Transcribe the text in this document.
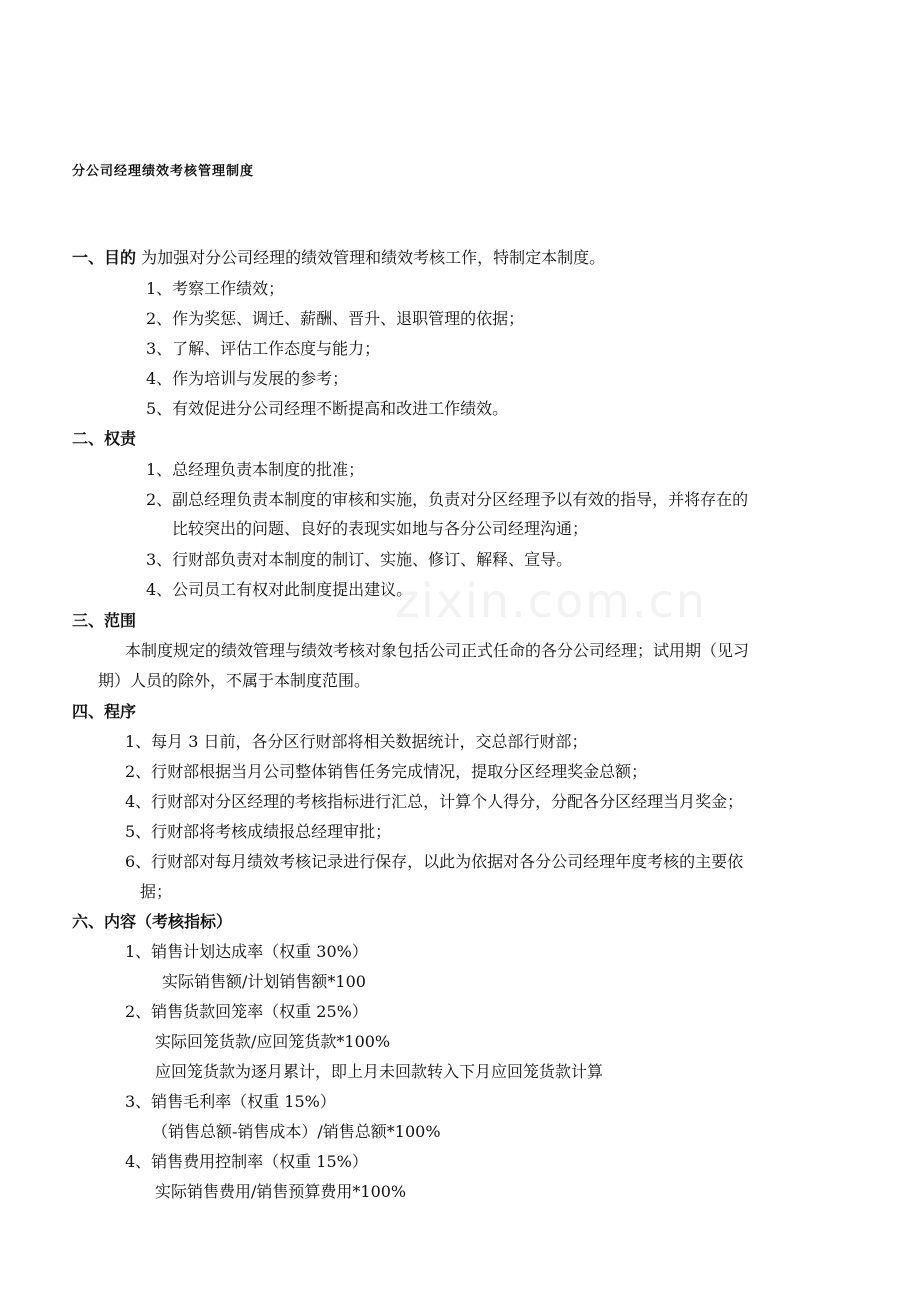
zixin.com.cn
分公司经理绩效考核管理制度
一、目的 为加强对分公司经理的绩效管理和绩效考核工作，特制定本制度。
1、考察工作绩效；
2、作为奖惩、调迁、薪酬、晋升、退职管理的依据；
3、了解、评估工作态度与能力；
4、作为培训与发展的参考；
5、有效促进分公司经理不断提高和改进工作绩效。
二、权责
1、总经理负责本制度的批准；
2、副总经理负责本制度的审核和实施，负责对分区经理予以有效的指导，并将存在的
比较突出的问题、良好的表现实如地与各分公司经理沟通；
3、行财部负责对本制度的制订、实施、修订、解释、宣导。
4、公司员工有权对此制度提出建议。
三、范围
本制度规定的绩效管理与绩效考核对象包括公司正式任命的各分公司经理；试用期（见习
期）人员的除外，不属于本制度范围。
四、程序
1、每月 3 日前，各分区行财部将相关数据统计，交总部行财部；
2、行财部根据当月公司整体销售任务完成情况，提取分区经理奖金总额；
4、行财部对分区经理的考核指标进行汇总，计算个人得分，分配各分区经理当月奖金；
5、行财部将考核成绩报总经理审批；
6、行财部对每月绩效考核记录进行保存，以此为依据对各分公司经理年度考核的主要依
据；
六、内容（考核指标）
1、销售计划达成率（权重 30%）
实际销售额/计划销售额*100
2、销售货款回笼率（权重 25%）
实际回笼货款/应回笼货款*100%
应回笼货款为逐月累计，即上月未回款转入下月应回笼货款计算
3、销售毛利率（权重 15%）
（销售总额-销售成本）/销售总额*100%
4、销售费用控制率（权重 15%）
实际销售费用/销售预算费用*100%
